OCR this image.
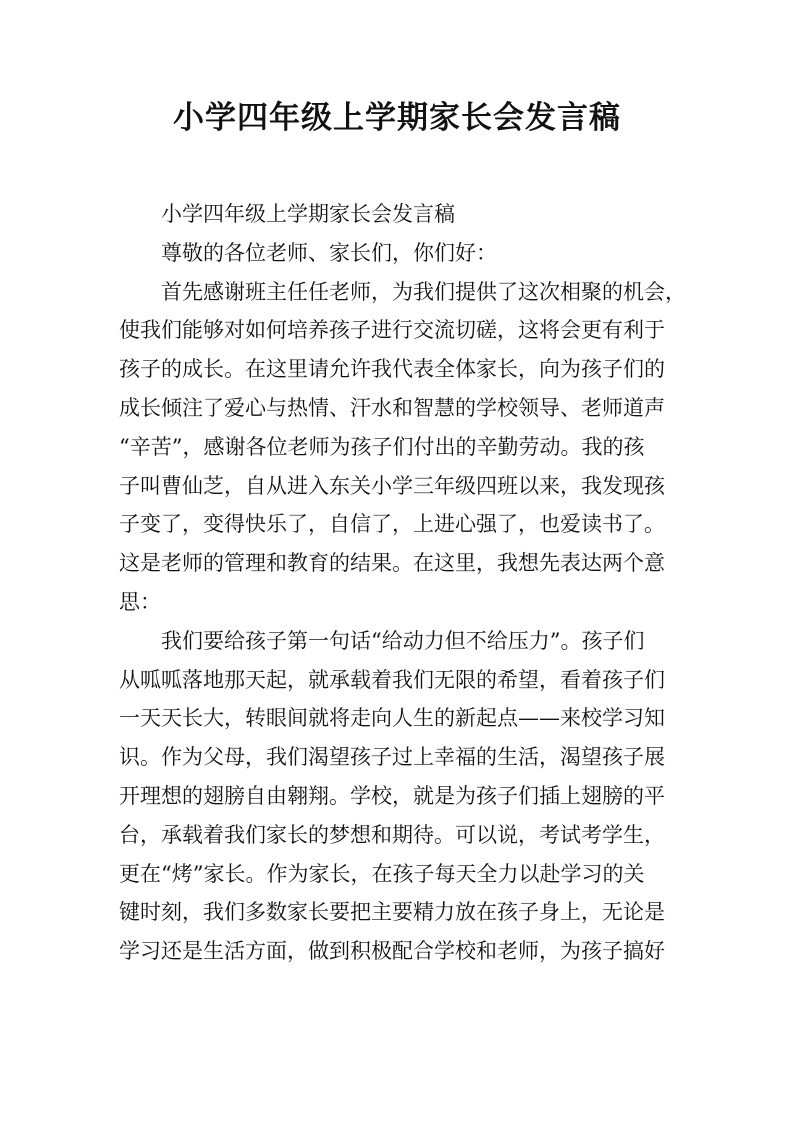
小学四年级上学期家长会发言稿
小学四年级上学期家长会发言稿
尊敬的各位老师、家长们，你们好：
首先感谢班主任任老师，为我们提供了这次相聚的机会，
使我们能够对如何培养孩子进行交流切磋，这将会更有利于
孩子的成长。在这里请允许我代表全体家长，向为孩子们的
成长倾注了爱心与热情、汗水和智慧的学校领导、老师道声
“辛苦”，感谢各位老师为孩子们付出的辛勤劳动。我的孩
子叫曹仙芝，自从进入东关小学三年级四班以来，我发现孩
子变了，变得快乐了，自信了，上进心强了，也爱读书了。
这是老师的管理和教育的结果。在这里，我想先表达两个意
思：
我们要给孩子第一句话“给动力但不给压力”。孩子们
从呱呱落地那天起，就承载着我们无限的希望，看着孩子们
一天天长大，转眼间就将走向人生的新起点——来校学习知
识。作为父母，我们渴望孩子过上幸福的生活，渴望孩子展
开理想的翅膀自由翱翔。学校，就是为孩子们插上翅膀的平
台，承载着我们家长的梦想和期待。可以说，考试考学生，
更在“烤”家长。作为家长，在孩子每天全力以赴学习的关
键时刻，我们多数家长要把主要精力放在孩子身上，无论是
学习还是生活方面，做到积极配合学校和老师，为孩子搞好
